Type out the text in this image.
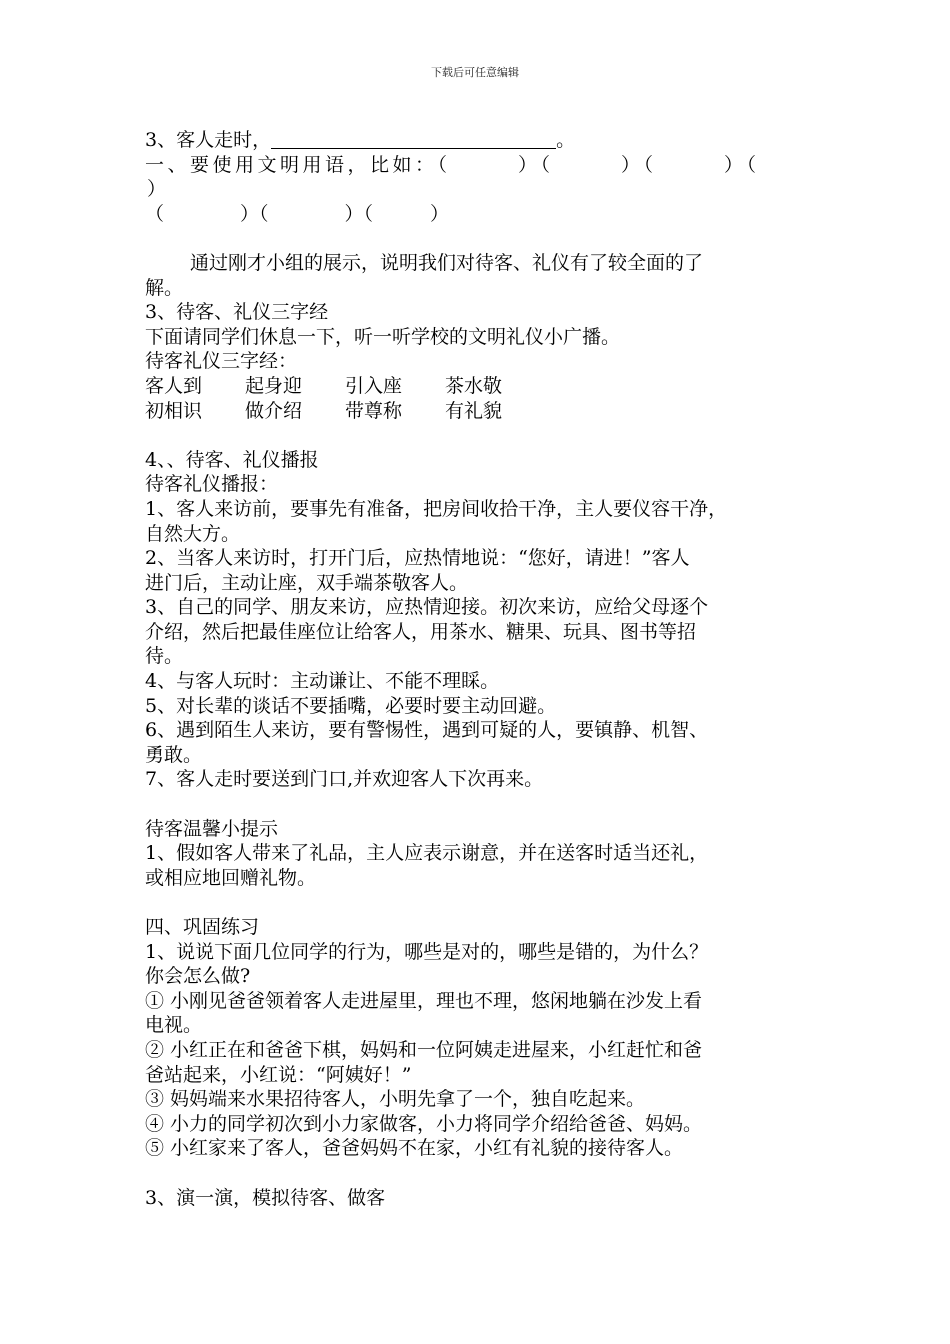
下载后可任意编辑

3、客人走时，	。

一、要使用文明用语，比如：（　　　）（　　　）（　　　）（

）

（　　　　）（　　　　）（　　　）

通过刚才小组的展示，说明我们对待客、礼仪有了较全面的了

解。

3、待客、礼仪三字经

下面请同学们休息一下，听一听学校的文明礼仪小广播。

待客礼仪三字经：

客人到 起身迎 引入座 茶水敬

初相识 做介绍 带尊称 有礼貌

4、、待客、礼仪播报

待客礼仪播报：

1、客人来访前，要事先有准备，把房间收拾干净，主人要仪容干净，

自然大方。

2、当客人来访时，打开门后，应热情地说：“您好，请进！”客人

进门后，主动让座，双手端茶敬客人。

3、自己的同学、朋友来访，应热情迎接。初次来访，应给父母逐个

介绍，然后把最佳座位让给客人，用茶水、糖果、玩具、图书等招

待。

4、与客人玩时：主动谦让、不能不理睬。

5、对长辈的谈话不要插嘴，必要时要主动回避。

6、遇到陌生人来访，要有警惕性，遇到可疑的人，要镇静、机智、

勇敢。

7、客人走时要送到门口,并欢迎客人下次再来。

待客温馨小提示

1、假如客人带来了礼品，主人应表示谢意，并在送客时适当还礼，

或相应地回赠礼物。

四、巩固练习

1、说说下面几位同学的行为，哪些是对的，哪些是错的，为什么？

你会怎么做?

① 小刚见爸爸领着客人走进屋里，理也不理，悠闲地躺在沙发上看

电视。

② 小红正在和爸爸下棋，妈妈和一位阿姨走进屋来，小红赶忙和爸

爸站起来，小红说：“阿姨好！”

③ 妈妈端来水果招待客人，小明先拿了一个，独自吃起来。

④ 小力的同学初次到小力家做客，小力将同学介绍给爸爸、妈妈。

⑤ 小红家来了客人，爸爸妈妈不在家，小红有礼貌的接待客人。

3、演一演，模拟待客、做客
